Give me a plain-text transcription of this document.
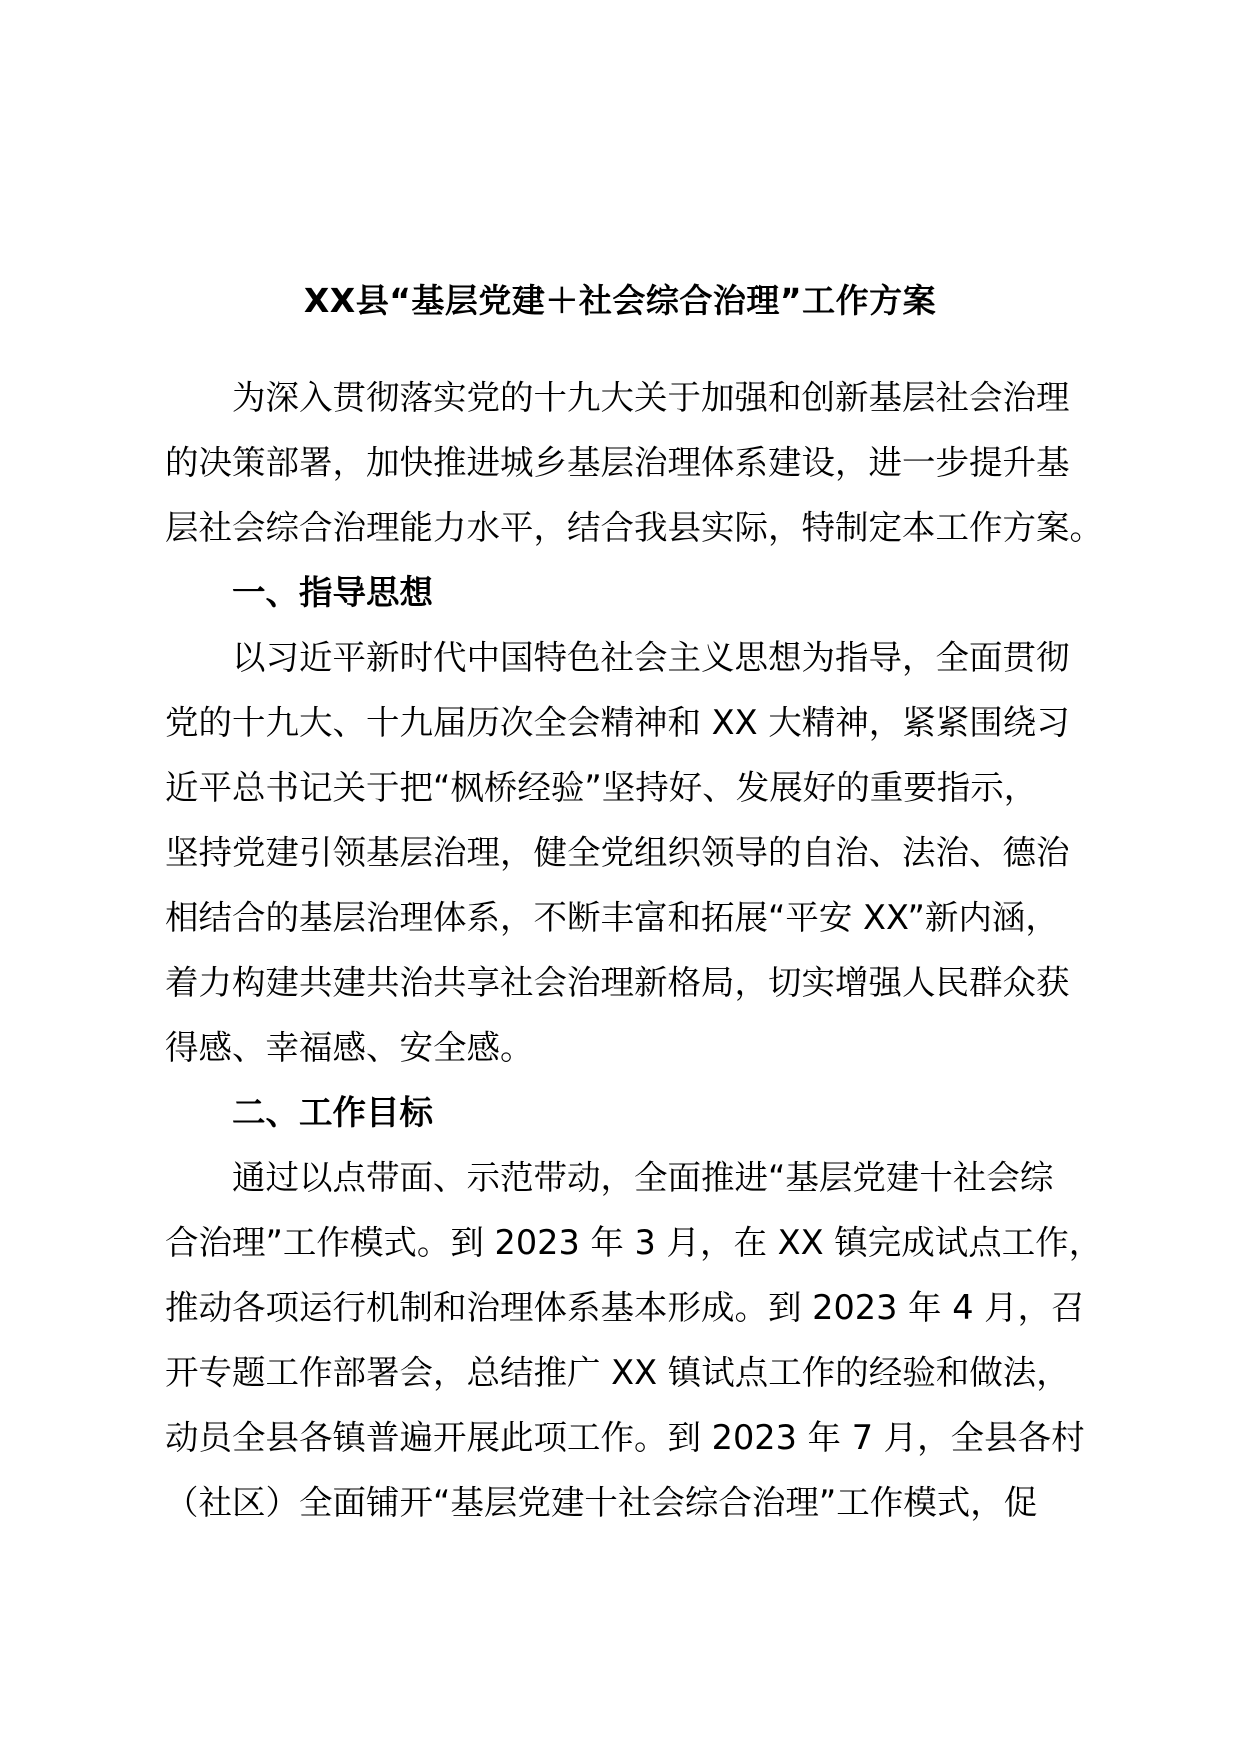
XX县“基层党建＋社会综合治理”工作方案
为深入贯彻落实党的十九大关于加强和创新基层社会治理
的决策部署，加快推进城乡基层治理体系建设，进一步提升基
层社会综合治理能力水平，结合我县实际，特制定本工作方案。
一、指导思想
以习近平新时代中国特色社会主义思想为指导，全面贯彻
党的十九大、十九届历次全会精神和 XX 大精神，紧紧围绕习
近平总书记关于把“枫桥经验”坚持好、发展好的重要指示，
坚持党建引领基层治理，健全党组织领导的自治、法治、德治
相结合的基层治理体系，不断丰富和拓展“平安 XX”新内涵，
着力构建共建共治共享社会治理新格局，切实增强人民群众获
得感、幸福感、安全感。
二、工作目标
通过以点带面、示范带动，全面推进“基层党建十社会综
合治理”工作模式。到 2023 年 3 月，在 XX 镇完成试点工作，
推动各项运行机制和治理体系基本形成。到 2023 年 4 月，召
开专题工作部署会，总结推广 XX 镇试点工作的经验和做法，
动员全县各镇普遍开展此项工作。到 2023 年 7 月，全县各村
（社区）全面铺开“基层党建十社会综合治理”工作模式，促
